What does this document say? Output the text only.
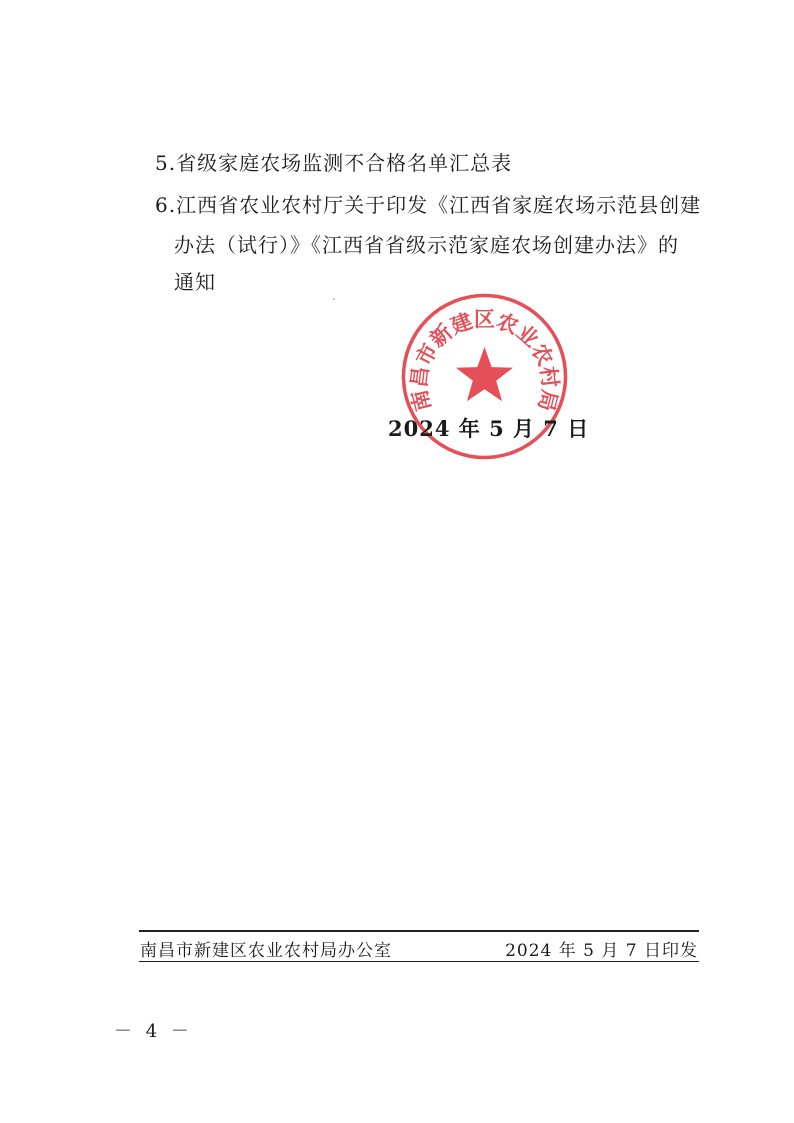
5.省级家庭农场监测不合格名单汇总表
6.江西省农业农村厅关于印发《江西省家庭农场示范县创建
办法（试行）》《江西省省级示范家庭农场创建办法》的
通知
南昌市新建区农业农村局
2024 年 5 月 7 日
南昌市新建区农业农村局办公室	2024 年 5 月 7 日印发
－ 4 －
